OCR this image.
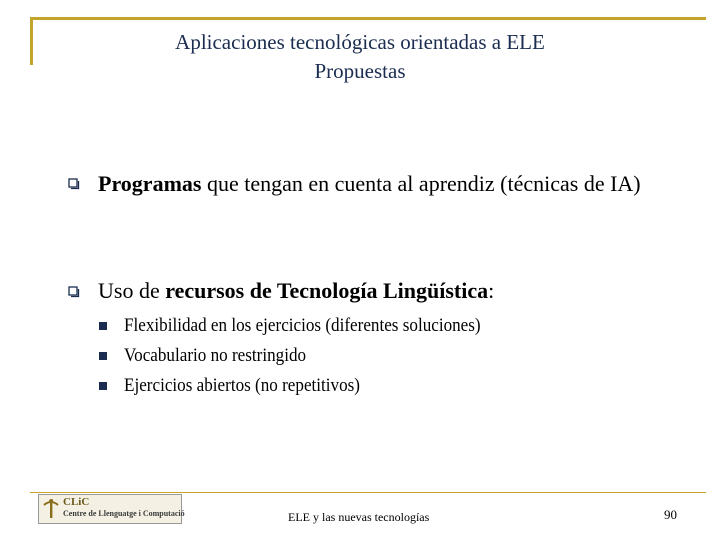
Aplicaciones tecnológicas orientadas a ELE
Propuestas
Programas que tengan en cuenta al aprendiz (técnicas de IA)
Uso de recursos de Tecnología Lingüística:
Flexibilidad en los ejercicios (diferentes soluciones)
Vocabulario no restringido
Ejercicios abiertos (no repetitivos)
CLiC
Centre de Llenguatge i Computació	ELE y las nuevas tecnologías	90
